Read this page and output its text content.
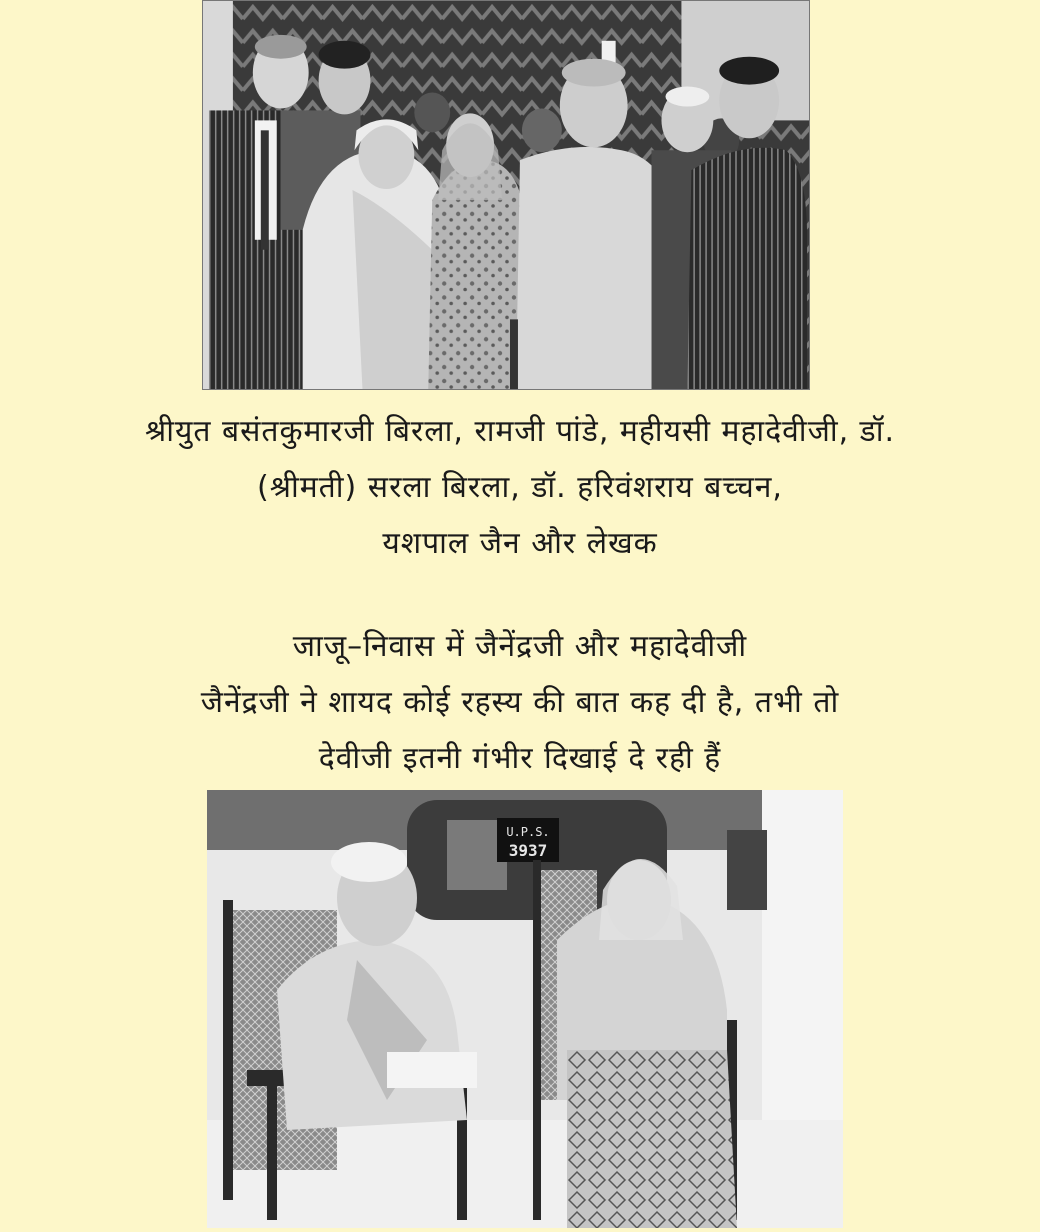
श्रीयुत बसंतकुमारजी बिरला, रामजी पांडे, महीयसी महादेवीजी, डॉ.
(श्रीमती) सरला बिरला, डॉ. हरिवंशराय बच्चन,
यशपाल जैन और लेखक
जाजू–निवास में जैनेंद्रजी और महादेवीजी
जैनेंद्रजी ने शायद कोई रहस्य की बात कह दी है, तभी तो
देवीजी इतनी गंभीर दिखाई दे रही हैं
U.P.S.
3937
